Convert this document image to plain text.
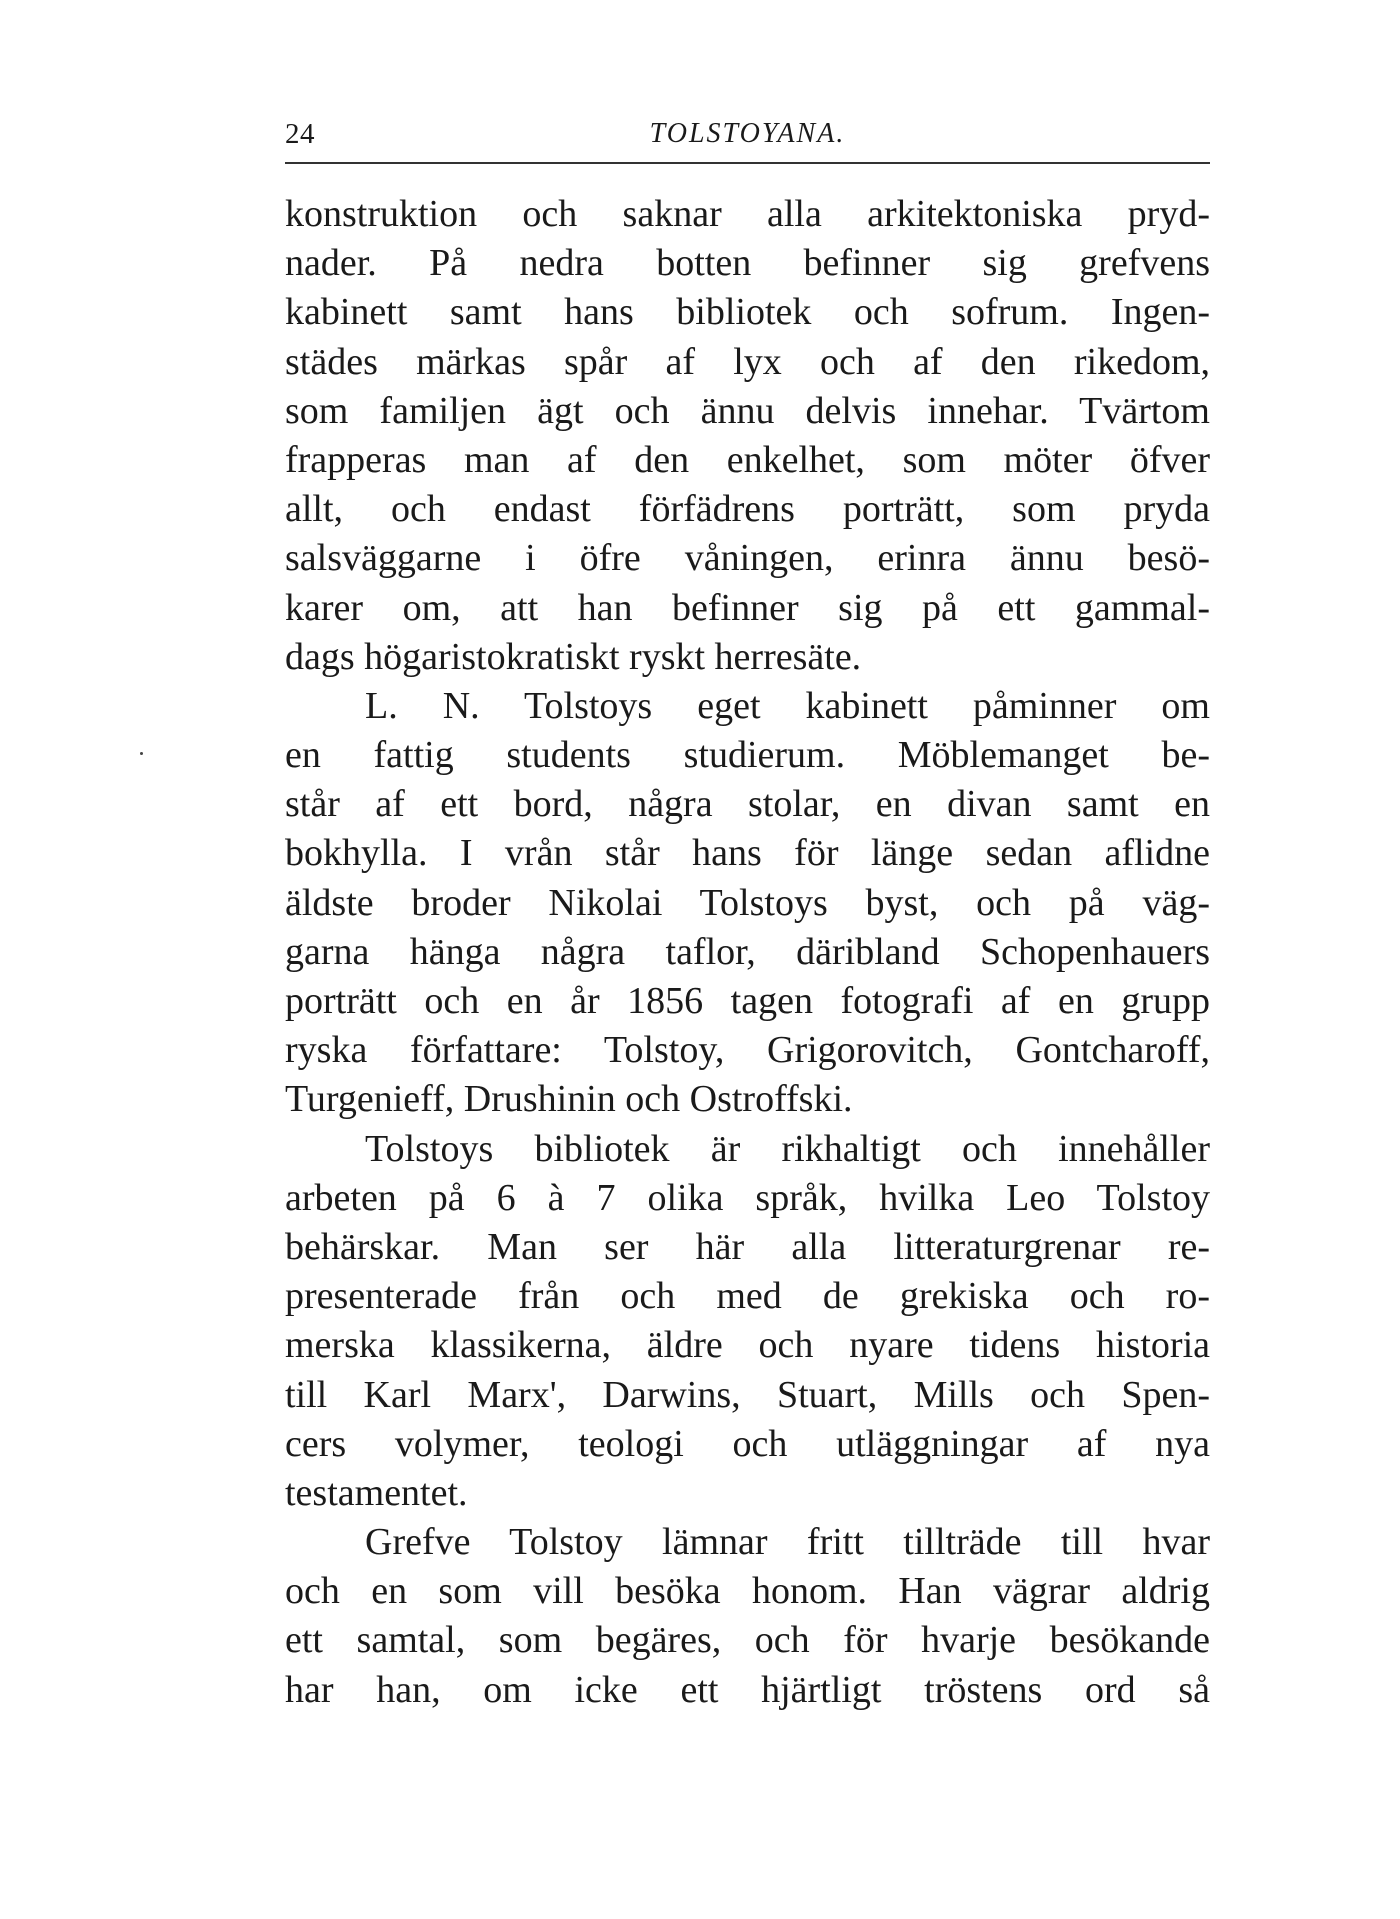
24	TOLSTOYANA.
konstruktion och saknar alla arkitektoniska pryd-
nader. På nedra botten befinner sig grefvens
kabinett samt hans bibliotek och sofrum. Ingen-
städes märkas spår af lyx och af den rikedom,
som familjen ägt och ännu delvis innehar. Tvärtom
frapperas man af den enkelhet, som möter öfver
allt, och endast förfädrens porträtt, som pryda
salsväggarne i öfre våningen, erinra ännu besö-
karer om, att han befinner sig på ett gammal-
dags högaristokratiskt ryskt herresäte.
L. N. Tolstoys eget kabinett påminner om
en fattig students studierum. Möblemanget be-
står af ett bord, några stolar, en divan samt en
bokhylla. I vrån står hans för länge sedan aflidne
äldste broder Nikolai Tolstoys byst, och på väg-
garna hänga några taflor, däribland Schopenhauers
porträtt och en år 1856 tagen fotografi af en grupp
ryska författare: Tolstoy, Grigorovitch, Gontcharoff,
Turgenieff, Drushinin och Ostroffski.
Tolstoys bibliotek är rikhaltigt och innehåller
arbeten på 6 à 7 olika språk, hvilka Leo Tolstoy
behärskar. Man ser här alla litteraturgrenar re-
presenterade från och med de grekiska och ro-
merska klassikerna, äldre och nyare tidens historia
till Karl Marx', Darwins, Stuart, Mills och Spen-
cers volymer, teologi och utläggningar af nya
testamentet.
Grefve Tolstoy lämnar fritt tillträde till hvar
och en som vill besöka honom. Han vägrar aldrig
ett samtal, som begäres, och för hvarje besökande
har han, om icke ett hjärtligt tröstens ord så
